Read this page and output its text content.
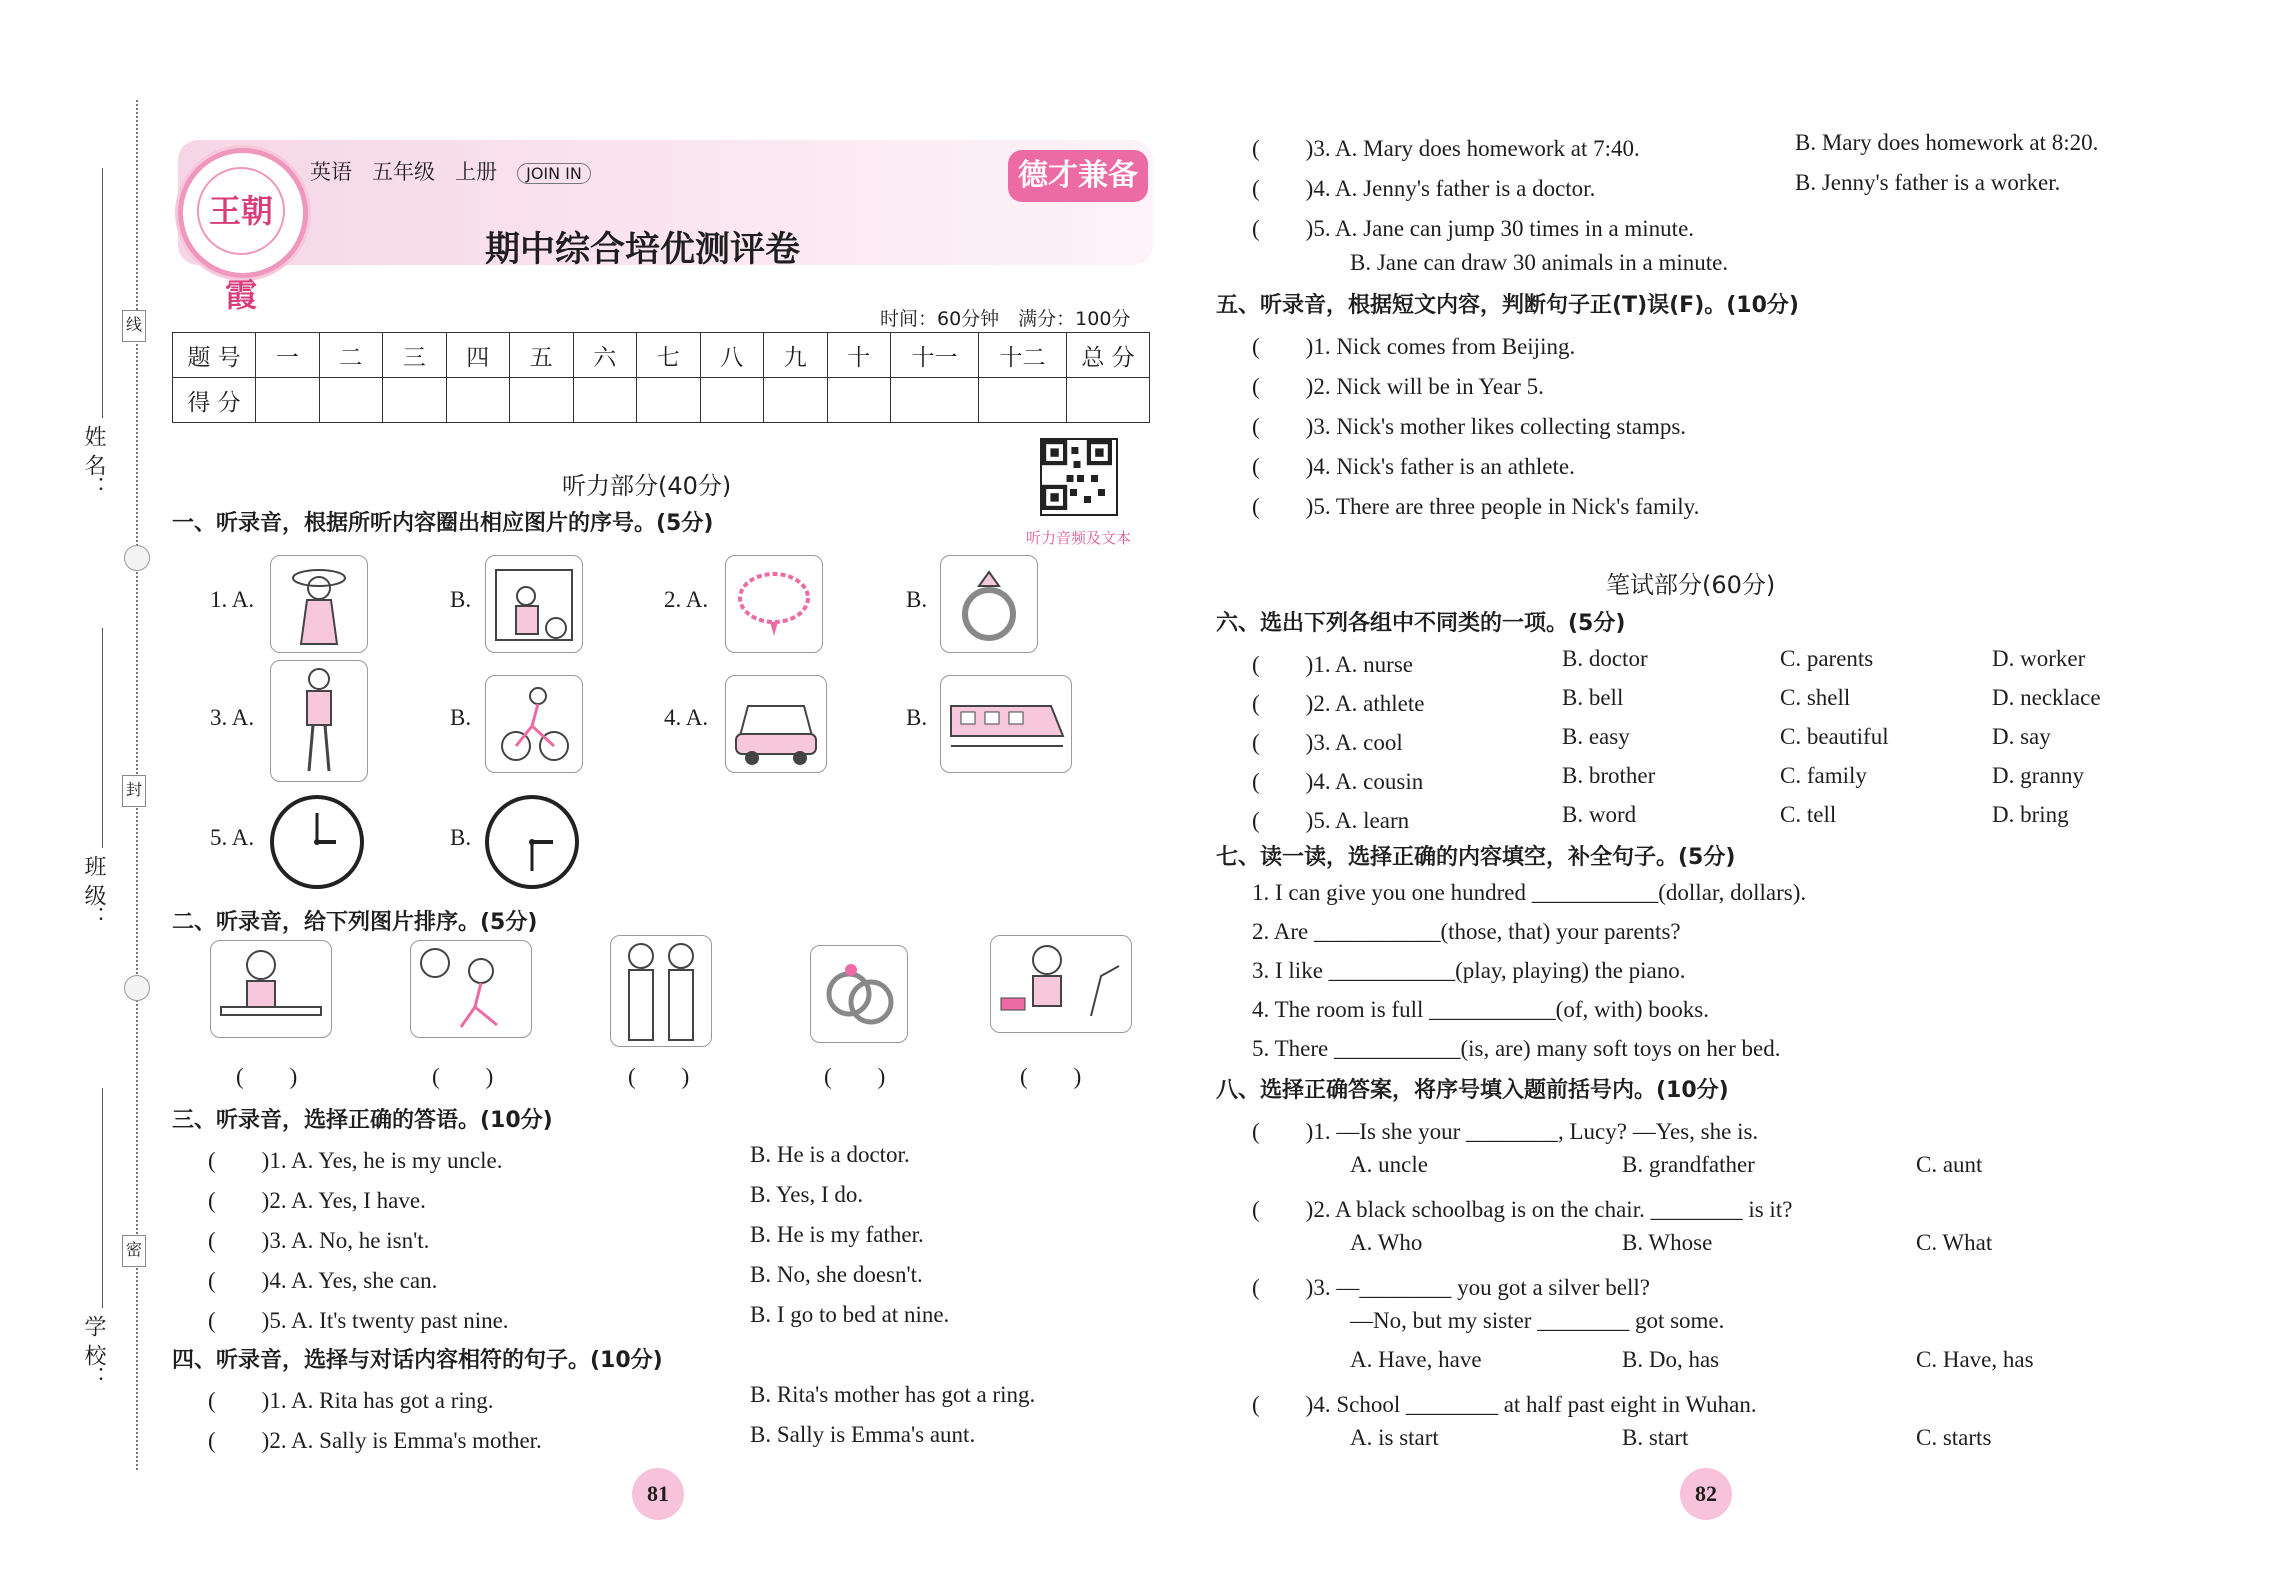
线
封
密
姓 名：
班 级：
学 校：
王朝霞
英语 五年级 上册 JOIN IN
期中综合培优测评卷
德才兼备
时间：60分钟　满分：100分
题 号	一	二	三	四	五	六	七	八	九	十	十一	十二	总 分
得 分													
听力部分(40分)
听力音频及文本
一、听录音，根据所听内容圈出相应图片的序号。(5分)
1. A.	B.	2. A.	B.
3. A.	B.	4. A.	B.
5. A.	B.
二、听录音，给下列图片排序。(5分)
(　　)	(　　)	(　　)	(　　)	(　　)
三、听录音，选择正确的答语。(10分)
(　　)1. A. Yes, he is my uncle.	B. He is a doctor.
(　　)2. A. Yes, I have.	B. Yes, I do.
(　　)3. A. No, he isn't.	B. He is my father.
(　　)4. A. Yes, she can.	B. No, she doesn't.
(　　)5. A. It's twenty past nine.	B. I go to bed at nine.
四、听录音，选择与对话内容相符的句子。(10分)
(　　)1. A. Rita has got a ring.	B. Rita's mother has got a ring.
(　　)2. A. Sally is Emma's mother.	B. Sally is Emma's aunt.
81
(　　)3. A. Mary does homework at 7:40.	B. Mary does homework at 8:20.
(　　)4. A. Jenny's father is a doctor.	B. Jenny's father is a worker.
(　　)5. A. Jane can jump 30 times in a minute.
B. Jane can draw 30 animals in a minute.
五、听录音，根据短文内容，判断句子正(T)误(F)。(10分)
(　　)1. Nick comes from Beijing.
(　　)2. Nick will be in Year 5.
(　　)3. Nick's mother likes collecting stamps.
(　　)4. Nick's father is an athlete.
(　　)5. There are three people in Nick's family.
笔试部分(60分)
六、选出下列各组中不同类的一项。(5分)
(　　)1. A. nurse	B. doctor	C. parents	D. worker
(　　)2. A. athlete	B. bell	C. shell	D. necklace
(　　)3. A. cool	B. easy	C. beautiful	D. say
(　　)4. A. cousin	B. brother	C. family	D. granny
(　　)5. A. learn	B. word	C. tell	D. bring
七、读一读，选择正确的内容填空，补全句子。(5分)
1. I can give you one hundred ___________(dollar, dollars).
2. Are ___________(those, that) your parents?
3. I like ___________(play, playing) the piano.
4. The room is full ___________(of, with) books.
5. There ___________(is, are) many soft toys on her bed.
八、选择正确答案，将序号填入题前括号内。(10分)
(　　)1. —Is she your ________, Lucy? —Yes, she is.
A. uncle	B. grandfather	C. aunt
(　　)2. A black schoolbag is on the chair. ________ is it?
A. Who	B. Whose	C. What
(　　)3. —________ you got a silver bell?
—No, but my sister ________ got some.
A. Have, have	B. Do, has	C. Have, has
(　　)4. School ________ at half past eight in Wuhan.
A. is start	B. start	C. starts
82
